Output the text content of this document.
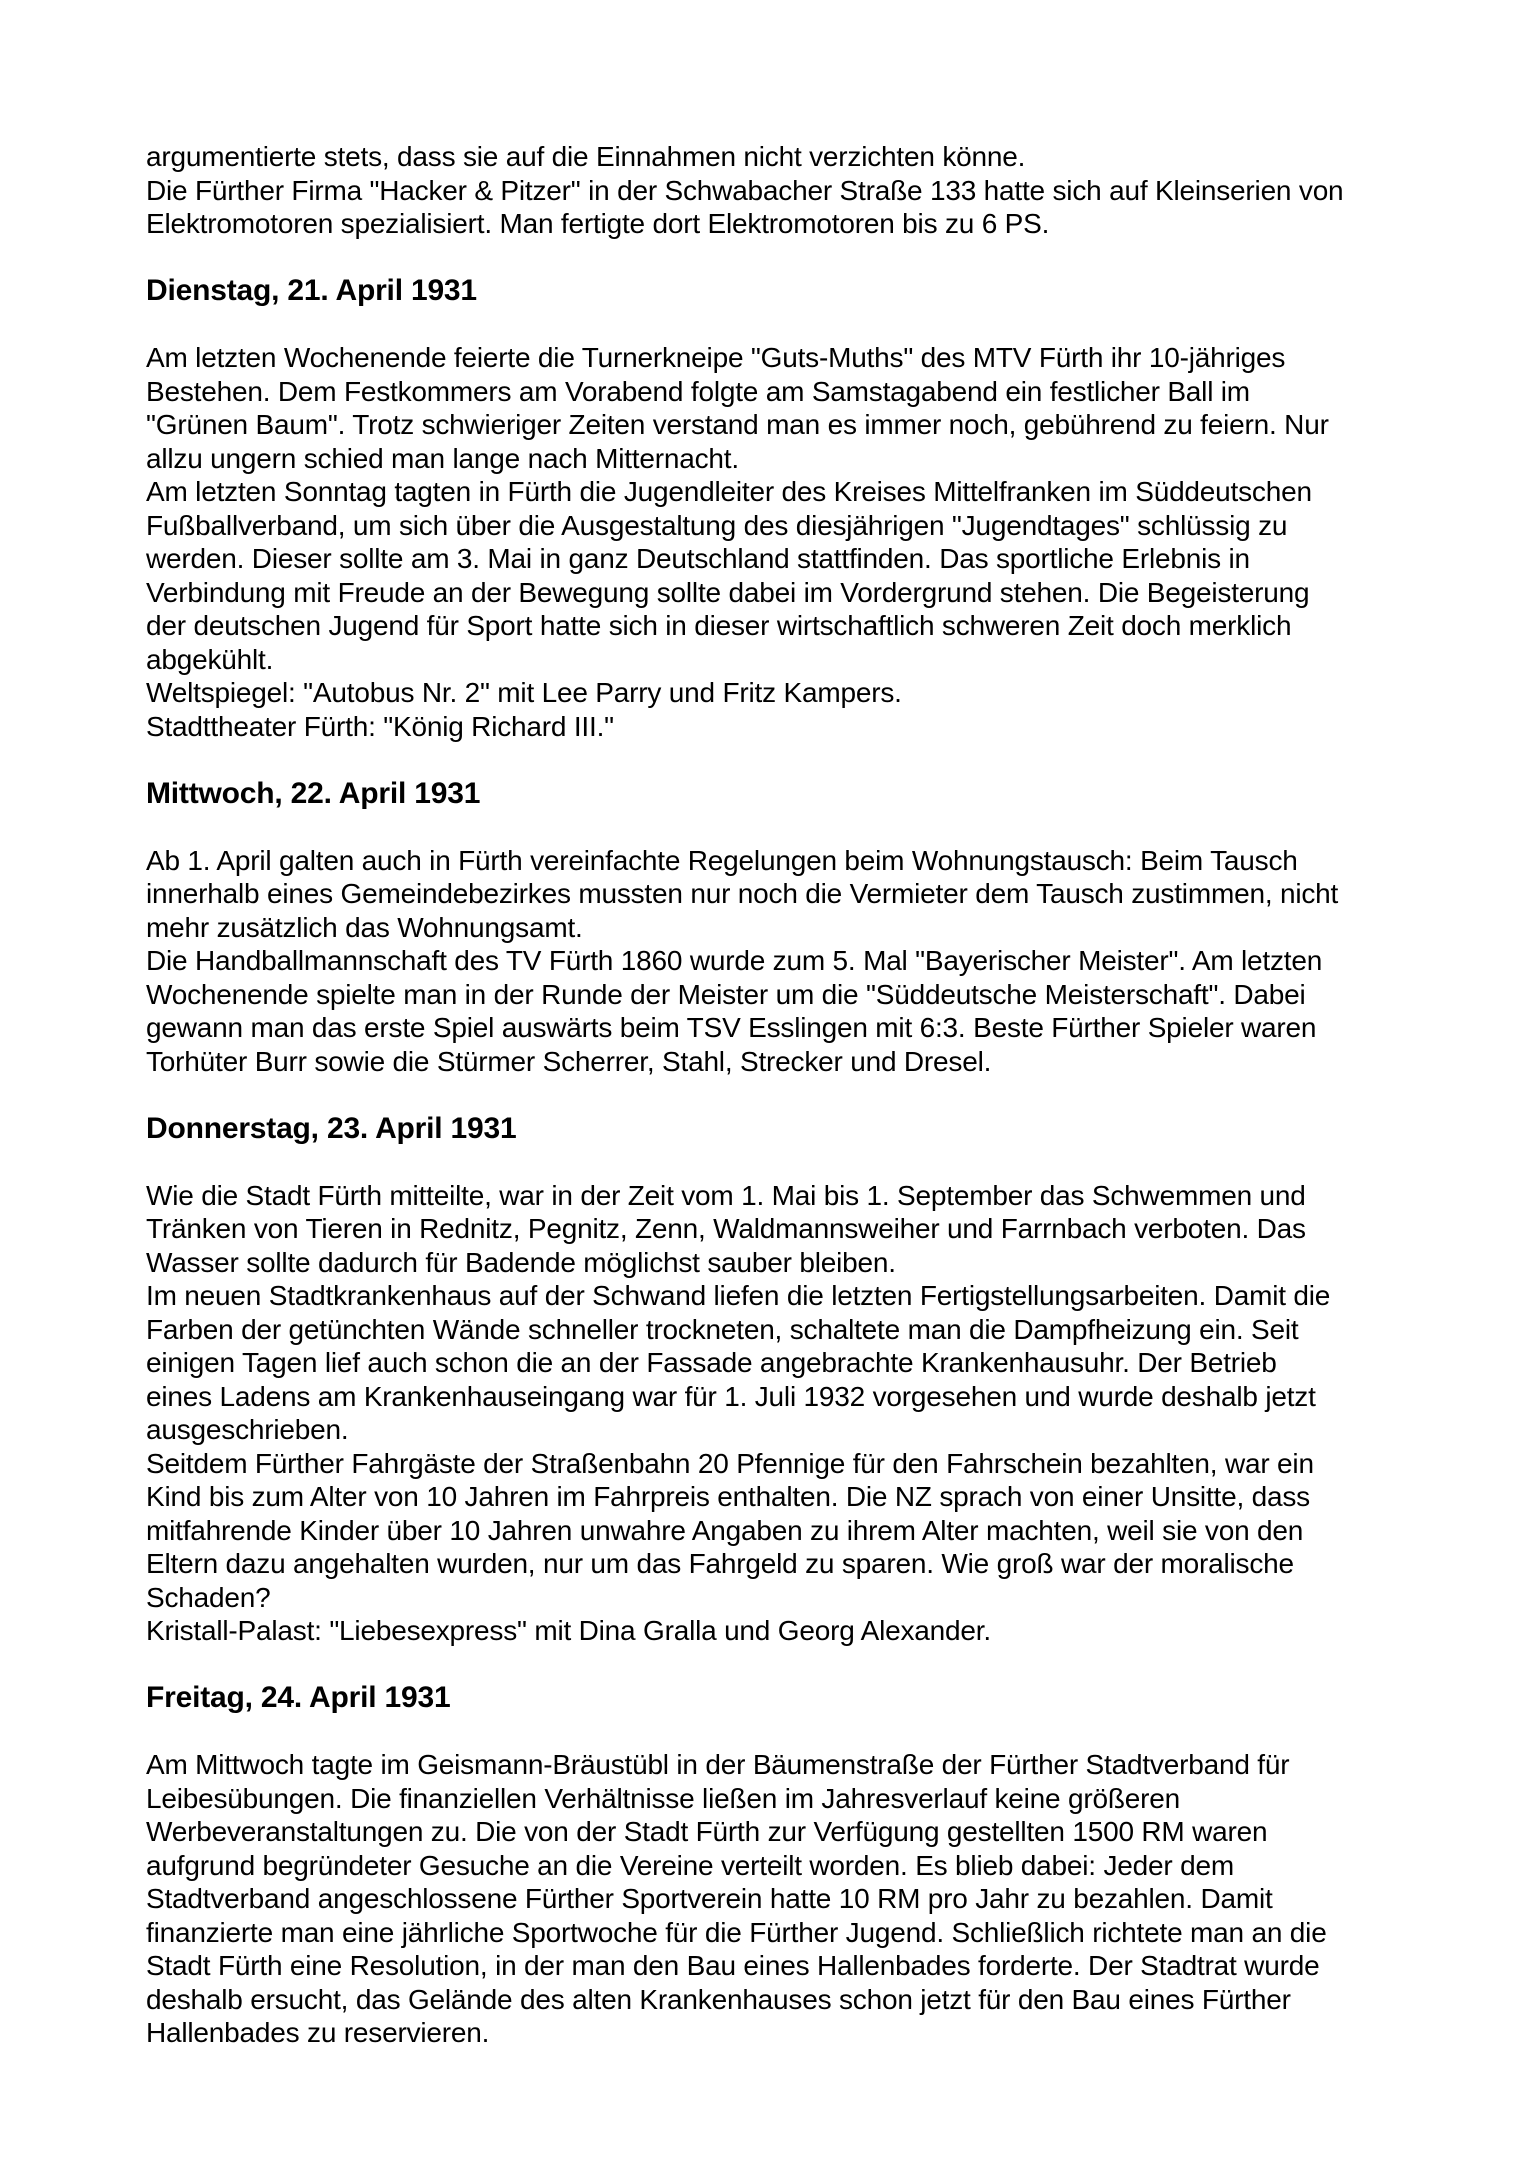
argumentierte stets, dass sie auf die Einnahmen nicht verzichten könne.
Die Fürther Firma "Hacker & Pitzer" in der Schwabacher Straße 133 hatte sich auf Kleinserien von
Elektromotoren spezialisiert. Man fertigte dort Elektromotoren bis zu 6 PS.
Dienstag, 21. April 1931
Am letzten Wochenende feierte die Turnerkneipe "Guts-Muths" des MTV Fürth ihr 10-jähriges
Bestehen. Dem Festkommers am Vorabend folgte am Samstagabend ein festlicher Ball im
"Grünen Baum". Trotz schwieriger Zeiten verstand man es immer noch, gebührend zu feiern. Nur
allzu ungern schied man lange nach Mitternacht.
Am letzten Sonntag tagten in Fürth die Jugendleiter des Kreises Mittelfranken im Süddeutschen
Fußballverband, um sich über die Ausgestaltung des diesjährigen "Jugendtages" schlüssig zu
werden. Dieser sollte am 3. Mai in ganz Deutschland stattfinden. Das sportliche Erlebnis in
Verbindung mit Freude an der Bewegung sollte dabei im Vordergrund stehen. Die Begeisterung
der deutschen Jugend für Sport hatte sich in dieser wirtschaftlich schweren Zeit doch merklich
abgekühlt.
Weltspiegel: "Autobus Nr. 2" mit Lee Parry und Fritz Kampers.
Stadttheater Fürth: "König Richard III."
Mittwoch, 22. April 1931
Ab 1. April galten auch in Fürth vereinfachte Regelungen beim Wohnungstausch: Beim Tausch
innerhalb eines Gemeindebezirkes mussten nur noch die Vermieter dem Tausch zustimmen, nicht
mehr zusätzlich das Wohnungsamt.
Die Handballmannschaft des TV Fürth 1860 wurde zum 5. Mal "Bayerischer Meister". Am letzten
Wochenende spielte man in der Runde der Meister um die "Süddeutsche Meisterschaft". Dabei
gewann man das erste Spiel auswärts beim TSV Esslingen mit 6:3. Beste Fürther Spieler waren
Torhüter Burr sowie die Stürmer Scherrer, Stahl, Strecker und Dresel.
Donnerstag, 23. April 1931
Wie die Stadt Fürth mitteilte, war in der Zeit vom 1. Mai bis 1. September das Schwemmen und
Tränken von Tieren in Rednitz, Pegnitz, Zenn, Waldmannsweiher und Farrnbach verboten. Das
Wasser sollte dadurch für Badende möglichst sauber bleiben.
Im neuen Stadtkrankenhaus auf der Schwand liefen die letzten Fertigstellungsarbeiten. Damit die
Farben der getünchten Wände schneller trockneten, schaltete man die Dampfheizung ein. Seit
einigen Tagen lief auch schon die an der Fassade angebrachte Krankenhausuhr. Der Betrieb
eines Ladens am Krankenhauseingang war für 1. Juli 1932 vorgesehen und wurde deshalb jetzt
ausgeschrieben.
Seitdem Fürther Fahrgäste der Straßenbahn 20 Pfennige für den Fahrschein bezahlten, war ein
Kind bis zum Alter von 10 Jahren im Fahrpreis enthalten. Die NZ sprach von einer Unsitte, dass
mitfahrende Kinder über 10 Jahren unwahre Angaben zu ihrem Alter machten, weil sie von den
Eltern dazu angehalten wurden, nur um das Fahrgeld zu sparen. Wie groß war der moralische
Schaden?
Kristall-Palast: "Liebesexpress" mit Dina Gralla und Georg Alexander.
Freitag, 24. April 1931
Am Mittwoch tagte im Geismann-Bräustübl in der Bäumenstraße der Fürther Stadtverband für
Leibesübungen. Die finanziellen Verhältnisse ließen im Jahresverlauf keine größeren
Werbeveranstaltungen zu. Die von der Stadt Fürth zur Verfügung gestellten 1500 RM waren
aufgrund begründeter Gesuche an die Vereine verteilt worden. Es blieb dabei: Jeder dem
Stadtverband angeschlossene Fürther Sportverein hatte 10 RM pro Jahr zu bezahlen. Damit
finanzierte man eine jährliche Sportwoche für die Fürther Jugend. Schließlich richtete man an die
Stadt Fürth eine Resolution, in der man den Bau eines Hallenbades forderte. Der Stadtrat wurde
deshalb ersucht, das Gelände des alten Krankenhauses schon jetzt für den Bau eines Fürther
Hallenbades zu reservieren.
